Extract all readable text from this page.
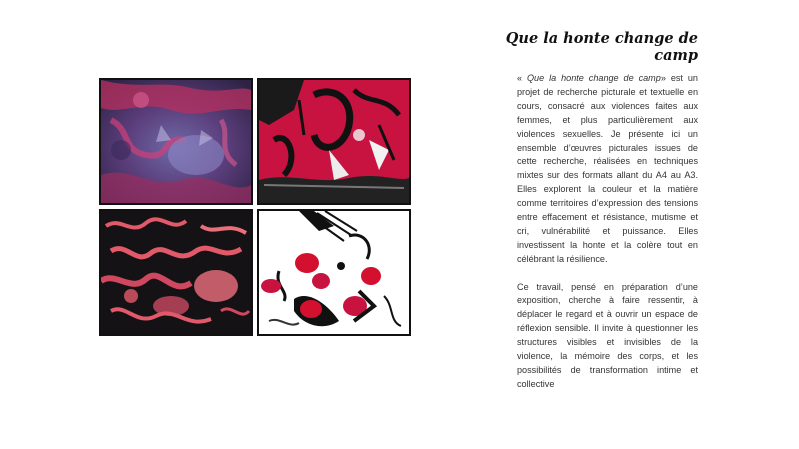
Que la honte change de camp

« Que la honte change de camp» est un projet de recherche picturale et textuelle en cours, consacré aux violences faites aux femmes, et plus particulièrement aux violences sexuelles. Je présente ici un ensemble d’œuvres picturales issues de cette recherche, réalisées en techniques mixtes sur des formats allant du A4 au A3. Elles explorent la couleur et la matière comme territoires d’expression des tensions entre effacement et résistance, mutisme et cri, vulnérabilité et puissance. Elles investissent la honte et la colère tout en célébrant la résilience.

Ce travail, pensé en préparation d’une exposition, cherche à faire ressentir, à déplacer le regard et à ouvrir un espace de réflexion sensible. Il invite à questionner les structures visibles et invisibles de la violence, la mémoire des corps, et les possibilités de transformation intime et collective
